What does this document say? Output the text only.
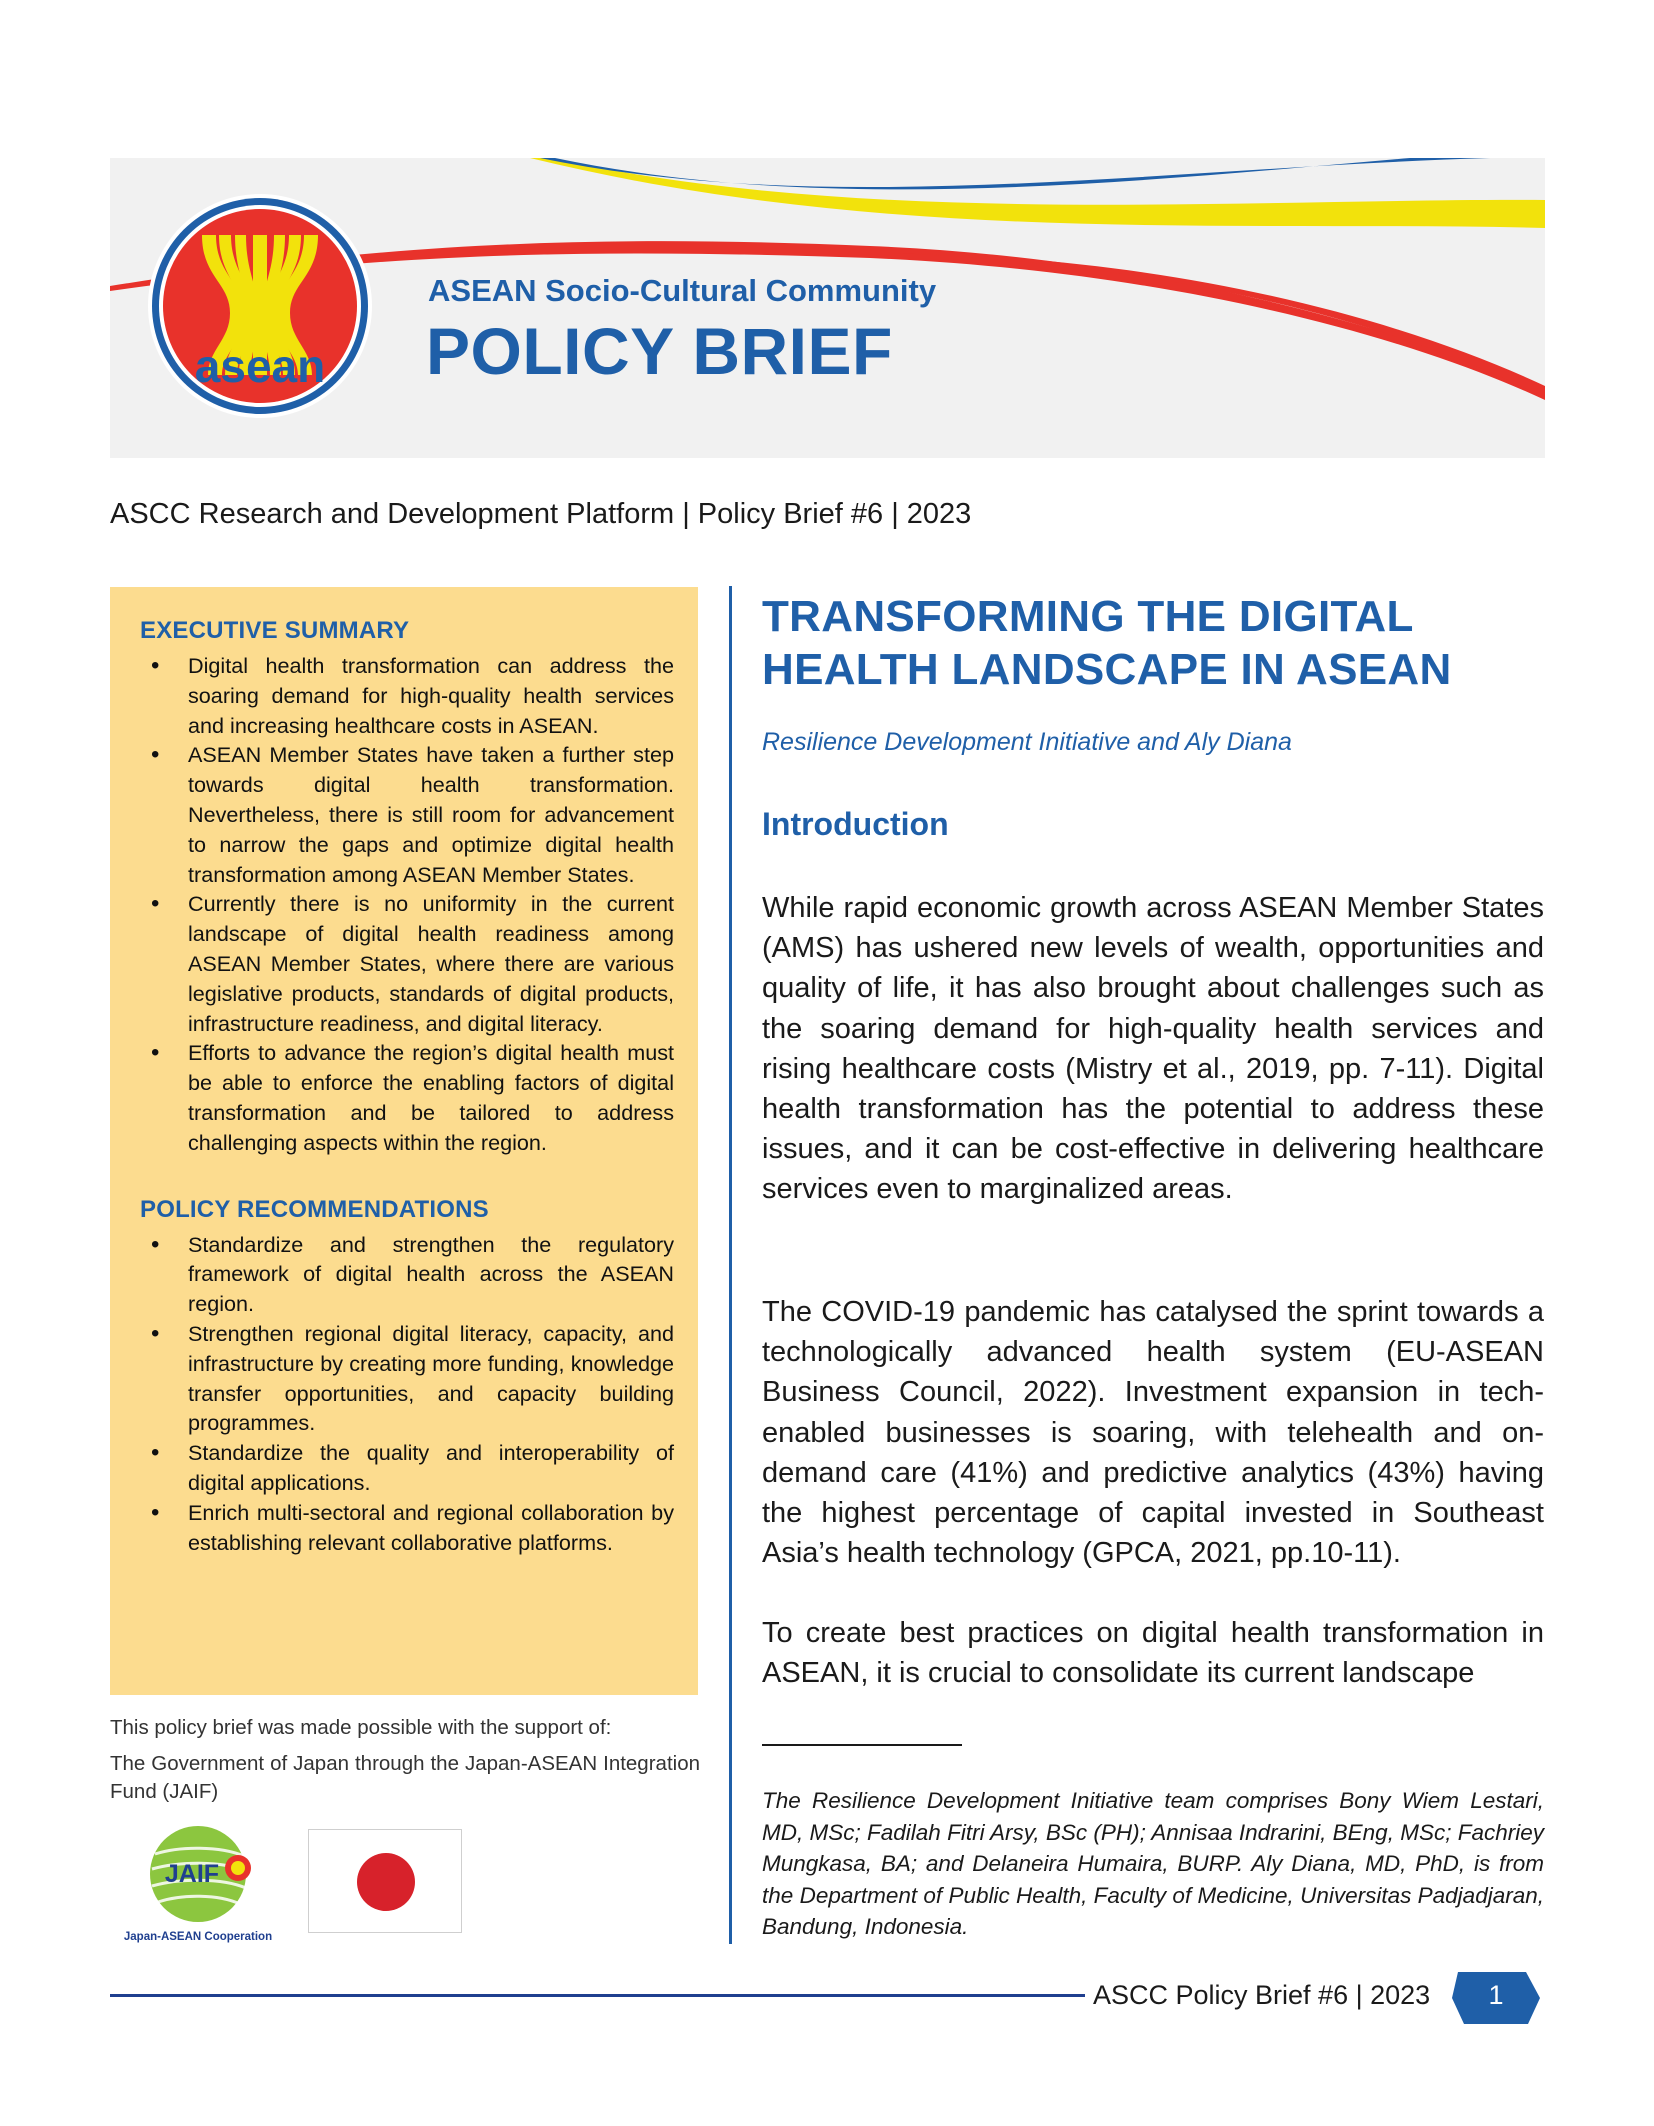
asean
ASEAN Socio-Cultural Community
POLICY BRIEF
ASCC Research and Development Platform | Policy Brief #6 | 2023
EXECUTIVE SUMMARY
• Digital health transformation can address the soaring demand for high-quality health services and increasing healthcare costs in ASEAN.
• ASEAN Member States have taken a further step towards digital health transformation. Nevertheless, there is still room for advancement to narrow the gaps and optimize digital health transformation among ASEAN Member States.
• Currently there is no uniformity in the current landscape of digital health readiness among ASEAN Member States, where there are various legislative products, standards of digital products, infrastructure readiness, and digital literacy.
• Efforts to advance the region’s digital health must be able to enforce the enabling factors of digital transformation and be tailored to address challenging aspects within the region.
POLICY RECOMMENDATIONS
• Standardize and strengthen the regulatory framework of digital health across the ASEAN region.
• Strengthen regional digital literacy, capacity, and infrastructure by creating more funding, knowledge transfer opportunities, and capacity building programmes.
• Standardize the quality and interoperability of digital applications.
• Enrich multi-sectoral and regional collaboration by establishing relevant collaborative platforms.

This policy brief was made possible with the support of:

The Government of Japan through the Japan-ASEAN Integration Fund (JAIF)

JAIF
Japan-ASEAN Cooperation
TRANSFORMING THE DIGITAL HEALTH LANDSCAPE IN ASEAN
Resilience Development Initiative and Aly Diana
Introduction

While rapid economic growth across ASEAN Member States (AMS) has ushered new levels of wealth, opportunities and quality of life, it has also brought about challenges such as the soaring demand for high-quality health services and rising healthcare costs (Mistry et al., 2019, pp. 7-11). Digital health transformation has the potential to address these issues, and it can be cost-effective in delivering healthcare services even to marginalized areas.

The COVID-19 pandemic has catalysed the sprint towards a technologically advanced health system (EU-ASEAN Business Council, 2022). Investment expansion in tech-enabled businesses is soaring, with telehealth and on-demand care (41%) and predictive analytics (43%) having the highest percentage of capital invested in Southeast Asia’s health technology (GPCA, 2021, pp.10-11).

To create best practices on digital health transformation in ASEAN, it is crucial to consolidate its current landscape

The Resilience Development Initiative team comprises Bony Wiem Lestari, MD, MSc; Fadilah Fitri Arsy, BSc (PH); Annisaa Indrarini, BEng, MSc; Fachriey Mungkasa, BA; and Delaneira Humaira, BURP. Aly Diana, MD, PhD, is from the Department of Public Health, Faculty of Medicine, Universitas Padjadjaran, Bandung, Indonesia.

ASCC Policy Brief #6 | 2023	1
